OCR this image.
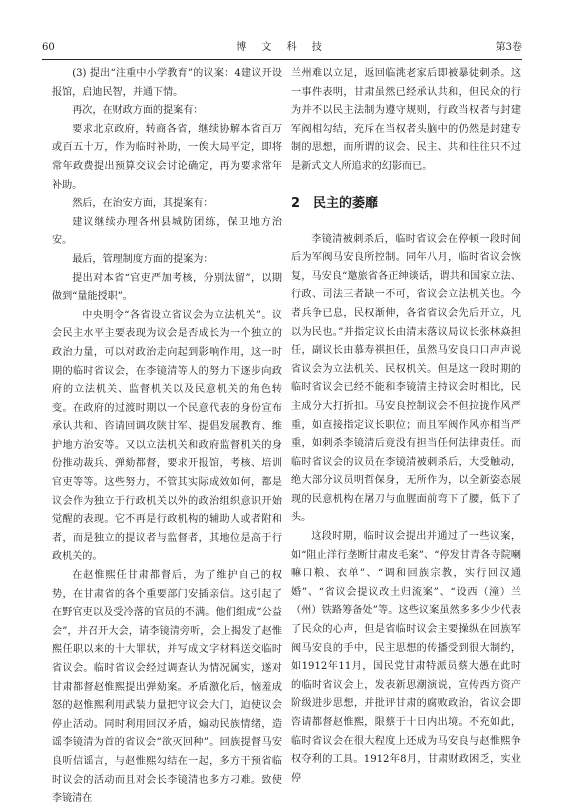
60	博 文 科 技	第3卷

(3) 提出“注重中小学教育”的议案：4建议开设报馆，启迪民智，并通下情。

再次，在财政方面的提案有：

要求北京政府，转商各省，继续协解本省百万或百五十万，作为临时补助，一俟大局平定，即将常年政费提出预算交议会讨论确定，再为要求常年补助。

然后，在治安方面，其提案有：

建议继续办理各州县城防团练，保卫地方治安。

最后，管理制度方面的提案为：

提出对本省“官吏严加考核，分别汰留”，以期做到“量能授职”。

中央明令“各省设立省议会为立法机关”。议会民主水平主要表现为议会是否成长为一个独立的政治力量，可以对政治走向起到影响作用，这一时期的临时省议会，在李镜清等人的努力下逐步向政府的立法机关、监督机关以及民意机关的角色转变。在政府的过渡时期以一个民意代表的身份宣布承认共和、咨请回调攻陕甘军、提倡发展教育、维护地方治安等。又以立法机关和政府监督机关的身份推动裁兵、弹劾都督，要求开报馆，考核、培训官吏等等。这些努力，不管其实际成效如何，都是议会作为独立于行政机关以外的政治组织意识开始觉醒的表现。它不再是行政机构的辅助人或者附和者，而是独立的提议者与监督者，其地位是高于行政机关的。

在赵惟熙任甘肃都督后，为了维护自己的权势，在甘肃省的各个重要部门安插亲信。这引起了在野官吏以及受冷落的官员的不满。他们组成“公益会”，并召开大会，请李镜清旁听，会上揭发了赵惟熙任职以来的十大罪状，并写成文字材料送交临时省议会。临时省议会经过调查认为情况属实，遂对甘肃都督赵惟熙提出弹劾案。矛盾激化后，恼羞成怒的赵惟熙利用武装力量把守议会大门，迫使议会停止活动。同时利用回汉矛盾，煽动民族情绪，造谣李镜清为首的省议会“欲灭回种”。回族提督马安良听信谣言，与赵惟熙勾结在一起，多方干预省临时议会的活动而且对会长李镜清也多方刁难。致使李镜清在

兰州难以立足，返回临洮老家后即被暴徒刺杀。这一事件表明，甘肃虽然已经承认共和，但民众的行为并不以民主法制为遵守规则，行政当权者与封建军阀相勾结，充斥在当权者头脑中的仍然是封建专制的思想，而所谓的议会、民主、共和往往只不过是新式文人所追求的幻影而已。

2 民主的萎靡

李镜清被刺杀后，临时省议会在停顿一段时间后为军阀马安良所控制。同年八月，临时省议会恢复，马安良“邀旅省各正绅谈话，谓共和国家立法、行政、司法三者缺一不可，省议会立法机关也。今者兵争已息，民权渐伸，各省省议会先后开立，凡以为民也。”并指定议长由清末落议局议长张林焱担任，副议长由慕寿祺担任，虽然马安良口口声声说省议会为立法机关、民权机关。但是这一段时期的临时省议会已经不能和李镜清主持议会时相比，民主成分大打折扣。马安良控制议会不但拉拢作风严重，如直接指定议长职位；而且军阀作风亦相当严重，如刺杀李镜清后竟没有担当任何法律责任。而临时省议会的议员在李镜清被刺杀后，大受触动，绝大部分议员明哲保身，无所作为，以全新姿态展现的民意机构在屠刀与血腥面前弯下了腰，低下了头。

这段时期，临时议会提出并通过了一些议案，如“阻止洋行垄断甘肃皮毛案”、“停发甘青各寺院喇嘛口粮、衣单”、“调和回族宗教，实行回汉通婚”、“省议会提议改土归流案”、“设西（潼）兰（州）铁路筹备处”等。这些议案虽然多多少少代表了民众的心声，但是省临时议会主要操纵在回族军阀马安良的手中，民主思想的传播受到很大制约，如1912年11月，国民党甘肃特派员蔡大愚在此时的临时省议会上，发表新思潮演说，宣传西方资产阶级进步思想，并批评甘肃的腐败政治，省议会即咨请都督赵惟熙，限蔡于十日内出境。不充如此，临时省议会在很大程度上还成为马安良与赵惟熙争权夺利的工具。1912年8月，甘肃财政困乏，实业停
